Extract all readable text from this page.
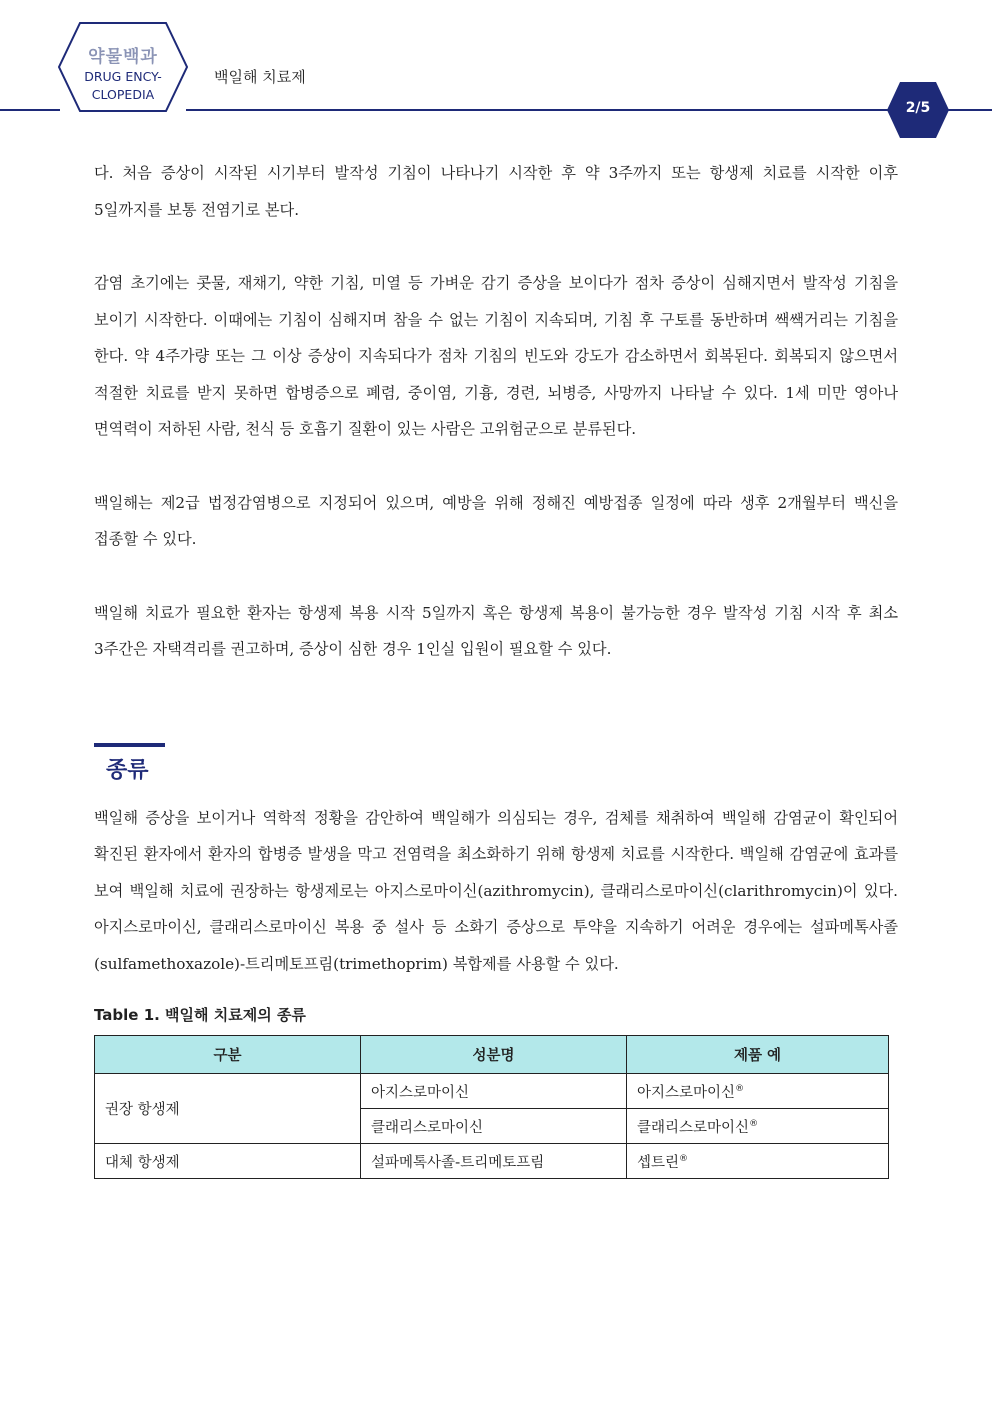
약물백과
DRUG ENCY-
CLOPEDIA
백일해 치료제
2/5

다. 처음 증상이 시작된 시기부터 발작성 기침이 나타나기 시작한 후 약 3주까지 또는 항생제 치료를 시작한 이후 5일까지를 보통 전염기로 본다.

감염 초기에는 콧물, 재채기, 약한 기침, 미열 등 가벼운 감기 증상을 보이다가 점차 증상이 심해지면서 발작성 기침을 보이기 시작한다. 이때에는 기침이 심해지며 참을 수 없는 기침이 지속되며, 기침 후 구토를 동반하며 쌕쌕거리는 기침을 한다. 약 4주가량 또는 그 이상 증상이 지속되다가 점차 기침의 빈도와 강도가 감소하면서 회복된다. 회복되지 않으면서 적절한 치료를 받지 못하면 합병증으로 폐렴, 중이염, 기흉, 경련, 뇌병증, 사망까지 나타날 수 있다. 1세 미만 영아나 면역력이 저하된 사람, 천식 등 호흡기 질환이 있는 사람은 고위험군으로 분류된다.

백일해는 제2급 법정감염병으로 지정되어 있으며, 예방을 위해 정해진 예방접종 일정에 따라 생후 2개월부터 백신을 접종할 수 있다.

백일해 치료가 필요한 환자는 항생제 복용 시작 5일까지 혹은 항생제 복용이 불가능한 경우 발작성 기침 시작 후 최소 3주간은 자택격리를 권고하며, 증상이 심한 경우 1인실 입원이 필요할 수 있다.

종류

백일해 증상을 보이거나 역학적 정황을 감안하여 백일해가 의심되는 경우, 검체를 채취하여 백일해 감염균이 확인되어 확진된 환자에서 환자의 합병증 발생을 막고 전염력을 최소화하기 위해 항생제 치료를 시작한다. 백일해 감염균에 효과를 보여 백일해 치료에 권장하는 항생제로는 아지스로마이신(azithromycin), 클래리스로마이신(clarithromycin)이 있다. 아지스로마이신, 클래리스로마이신 복용 중 설사 등 소화기 증상으로 투약을 지속하기 어려운 경우에는 설파메톡사졸(sulfamethoxazole)-트리메토프림(trimethoprim) 복합제를 사용할 수 있다.

Table 1. 백일해 치료제의 종류
구분	성분명	제품 예
권장 항생제	아지스로마이신	아지스로마이신®
	클래리스로마이신	클래리스로마이신®
대체 항생제	설파메톡사졸-트리메토프림	셉트린®
